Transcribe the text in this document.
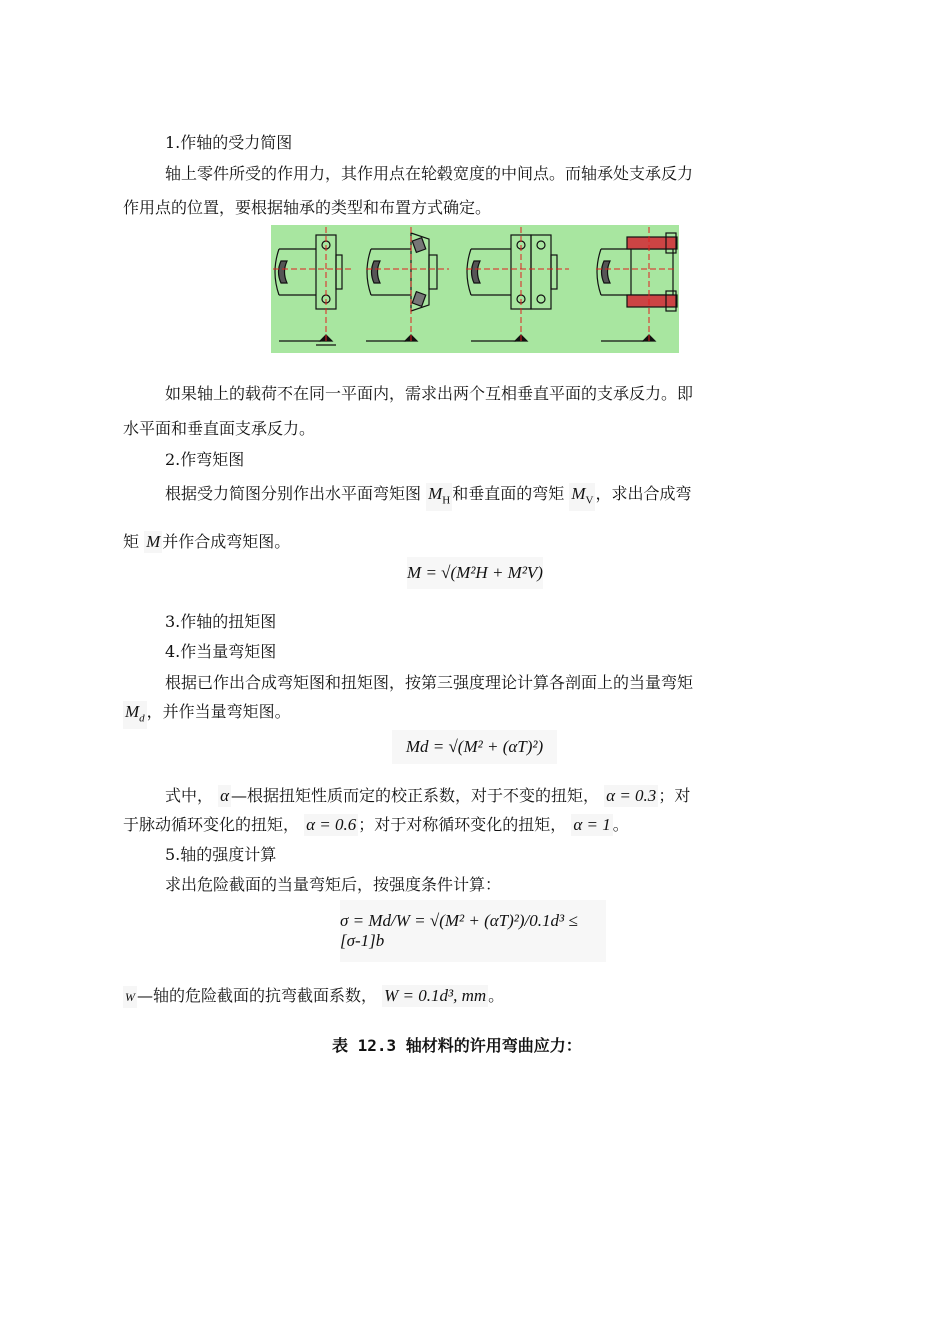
1.作轴的受力简图
轴上零件所受的作用力，其作用点在轮毂宽度的中间点。而轴承处支承反力
作用点的位置，要根据轴承的类型和布置方式确定。
如果轴上的载荷不在同一平面内，需求出两个互相垂直平面的支承反力。即
水平面和垂直面支承反力。
2.作弯矩图
根据受力简图分别作出水平面弯矩图 $M_H$ 和垂直面的弯矩 $M_V$ ，求出合成弯
矩 M 并作合成弯矩图。
M = √(M²H + M²V)
3.作轴的扭矩图
4.作当量弯矩图
根据已作出合成弯矩图和扭矩图，按第三强度理论计算各剖面上的当量弯矩
$M_d$ ，并作当量弯矩图。
Md = √(M² + (αT)²)
式中， α —根据扭矩性质而定的校正系数，对于不变的扭矩， α = 0.3 ；对
于脉动循环变化的扭矩， α = 0.6 ；对于对称循环变化的扭矩， α = 1 。
5.轴的强度计算
求出危险截面的当量弯矩后，按强度条件计算：
σ = Md/W = √(M² + (αT)²)/0.1d³ ≤ [σ-1]b
W —轴的危险截面的抗弯截面系数， W = 0.1d³, mm 。
表 12.3 轴材料的许用弯曲应力：
